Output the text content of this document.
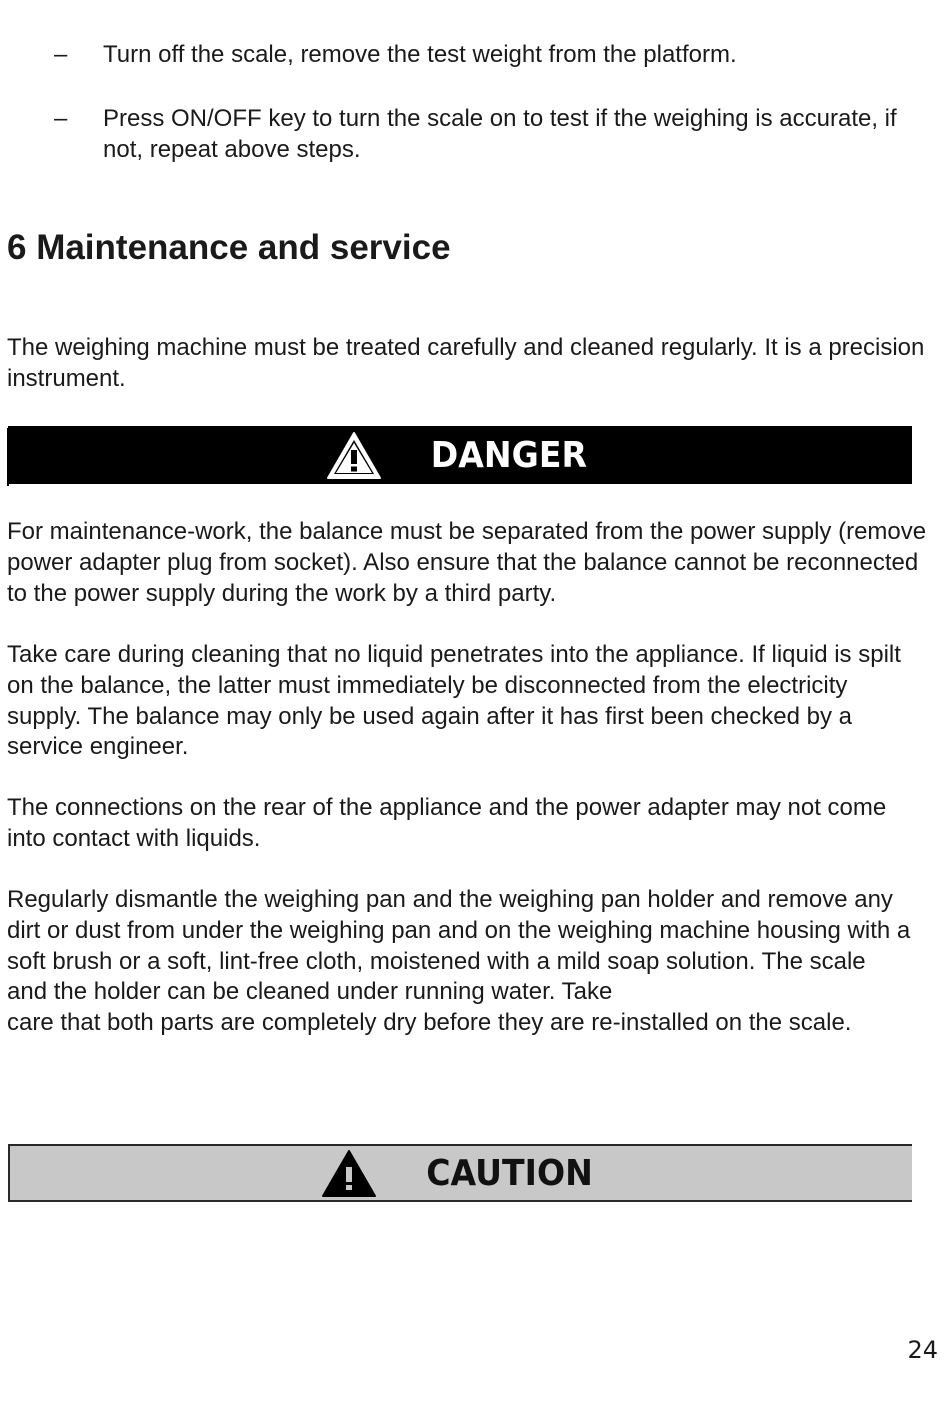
– Turn off the scale, remove the test weight from the platform.
– Press ON/OFF key to turn the scale on to test if the weighing is accurate, if not, repeat above steps.
6 Maintenance and service

The weighing machine must be treated carefully and cleaned regularly. It is a precision instrument.

DANGER

For maintenance-work, the balance must be separated from the power supply (remove power adapter plug from socket). Also ensure that the balance cannot be reconnected to the power supply during the work by a third party.

Take care during cleaning that no liquid penetrates into the appliance. If liquid is spilt on the balance, the latter must immediately be disconnected from the electricity supply. The balance may only be used again after it has first been checked by a service engineer.

The connections on the rear of the appliance and the power adapter may not come into contact with liquids.

Regularly dismantle the weighing pan and the weighing pan holder and remove any dirt or dust from under the weighing pan and on the weighing machine housing with a soft brush or a soft, lint-free cloth, moistened with a mild soap solution. The scale and the holder can be cleaned under running water. Take
care that both parts are completely dry before they are re-installed on the scale.
CAUTION
24
